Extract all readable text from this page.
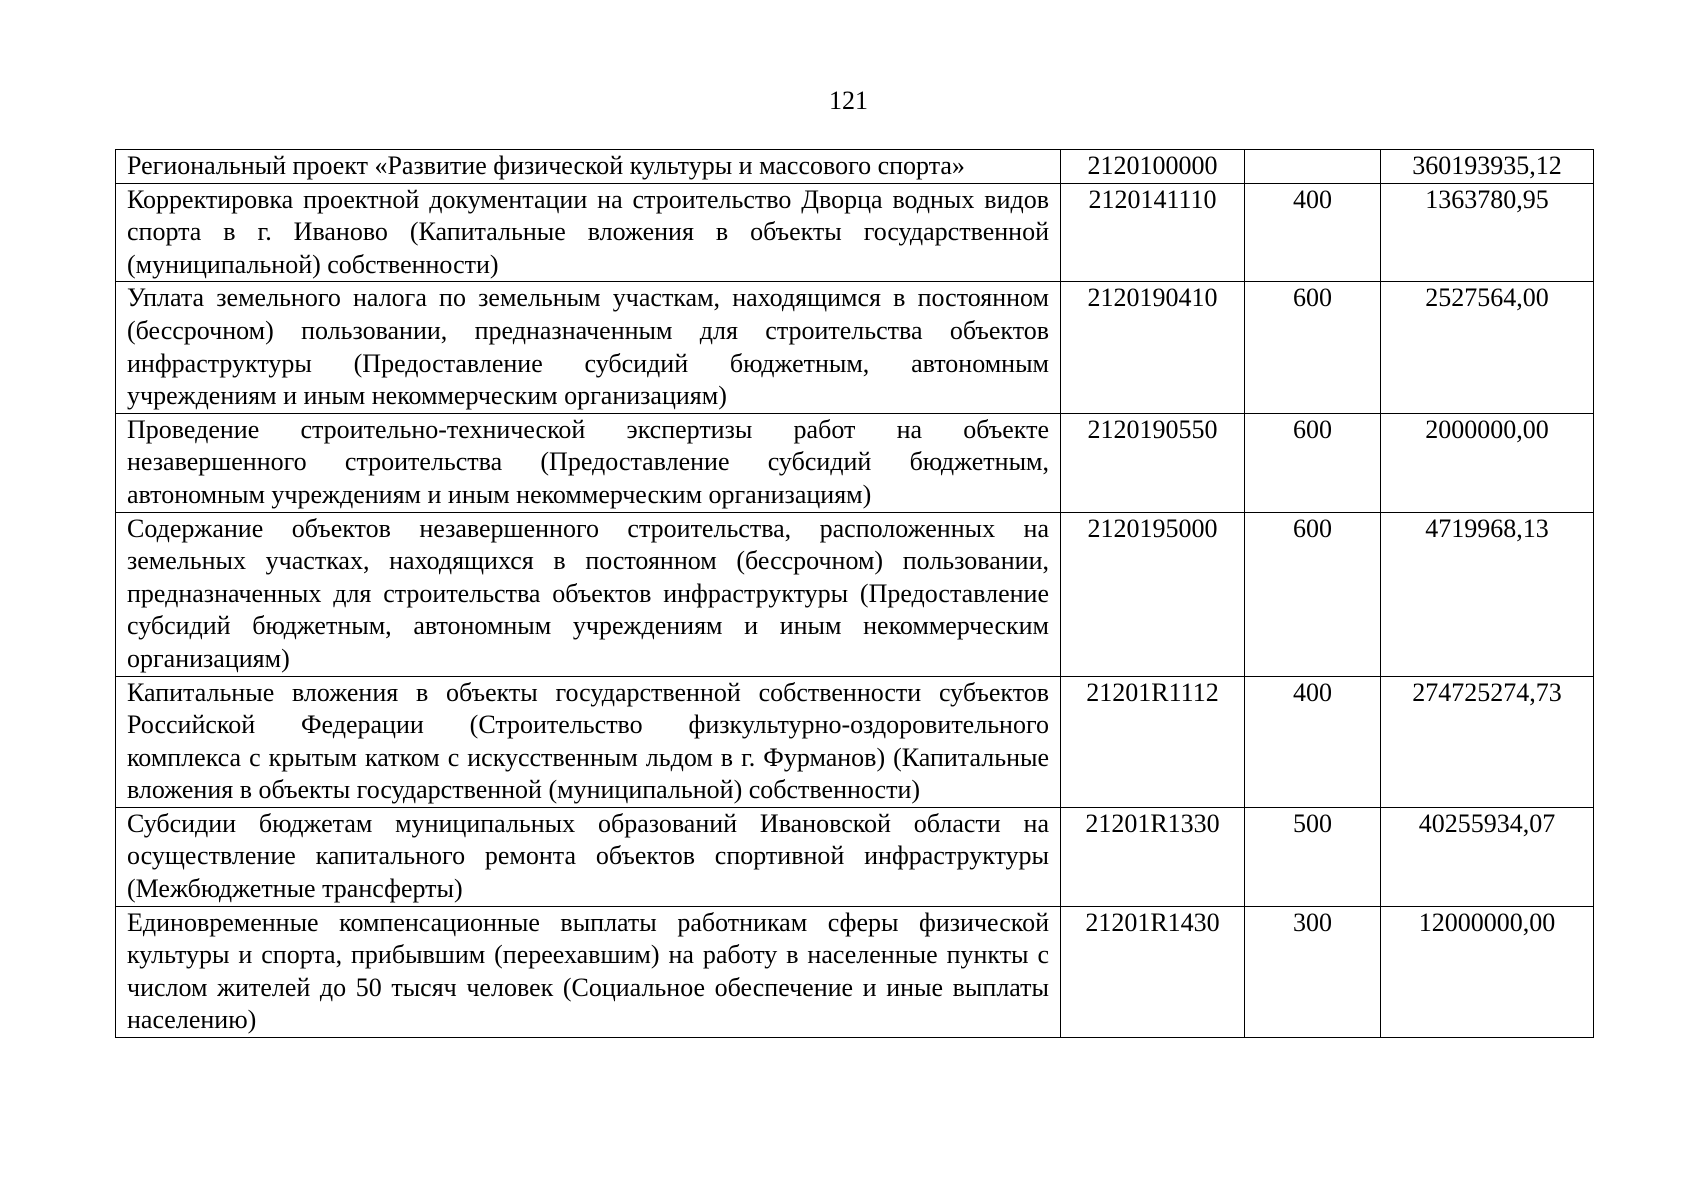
121
Региональный проект «Развитие физической культуры и массового спорта»	2120100000		360193935,12
Корректировка проектной документации на строительство Дворца водных видов спорта в г. Иваново (Капитальные вложения в объекты государственной (муниципальной) собственности)	2120141110	400	1363780,95
Уплата земельного налога по земельным участкам, находящимся в постоянном (бессрочном) пользовании, предназначенным для строительства объектов инфраструктуры (Предоставление субсидий бюджетным, автономным учреждениям и иным некоммерческим организациям)	2120190410	600	2527564,00
Проведение строительно-технической экспертизы работ на объекте незавершенного строительства (Предоставление субсидий бюджетным, автономным учреждениям и иным некоммерческим организациям)	2120190550	600	2000000,00
Содержание объектов незавершенного строительства, расположенных на земельных участках, находящихся в постоянном (бессрочном) пользовании, предназначенных для строительства объектов инфраструктуры (Предоставление субсидий бюджетным, автономным учреждениям и иным некоммерческим организациям)	2120195000	600	4719968,13
Капитальные вложения в объекты государственной собственности субъектов Российской Федерации (Строительство физкультурно-оздоровительного комплекса с крытым катком с искусственным льдом в г. Фурманов) (Капитальные вложения в объекты государственной (муниципальной) собственности)	21201R1112	400	274725274,73
Субсидии бюджетам муниципальных образований Ивановской области на осуществление капитального ремонта объектов спортивной инфраструктуры (Межбюджетные трансферты)	21201R1330	500	40255934,07
Единовременные компенсационные выплаты работникам сферы физической культуры и спорта, прибывшим (переехавшим) на работу в населенные пункты с числом жителей до 50 тысяч человек (Социальное обеспечение и иные выплаты населению)	21201R1430	300	12000000,00
